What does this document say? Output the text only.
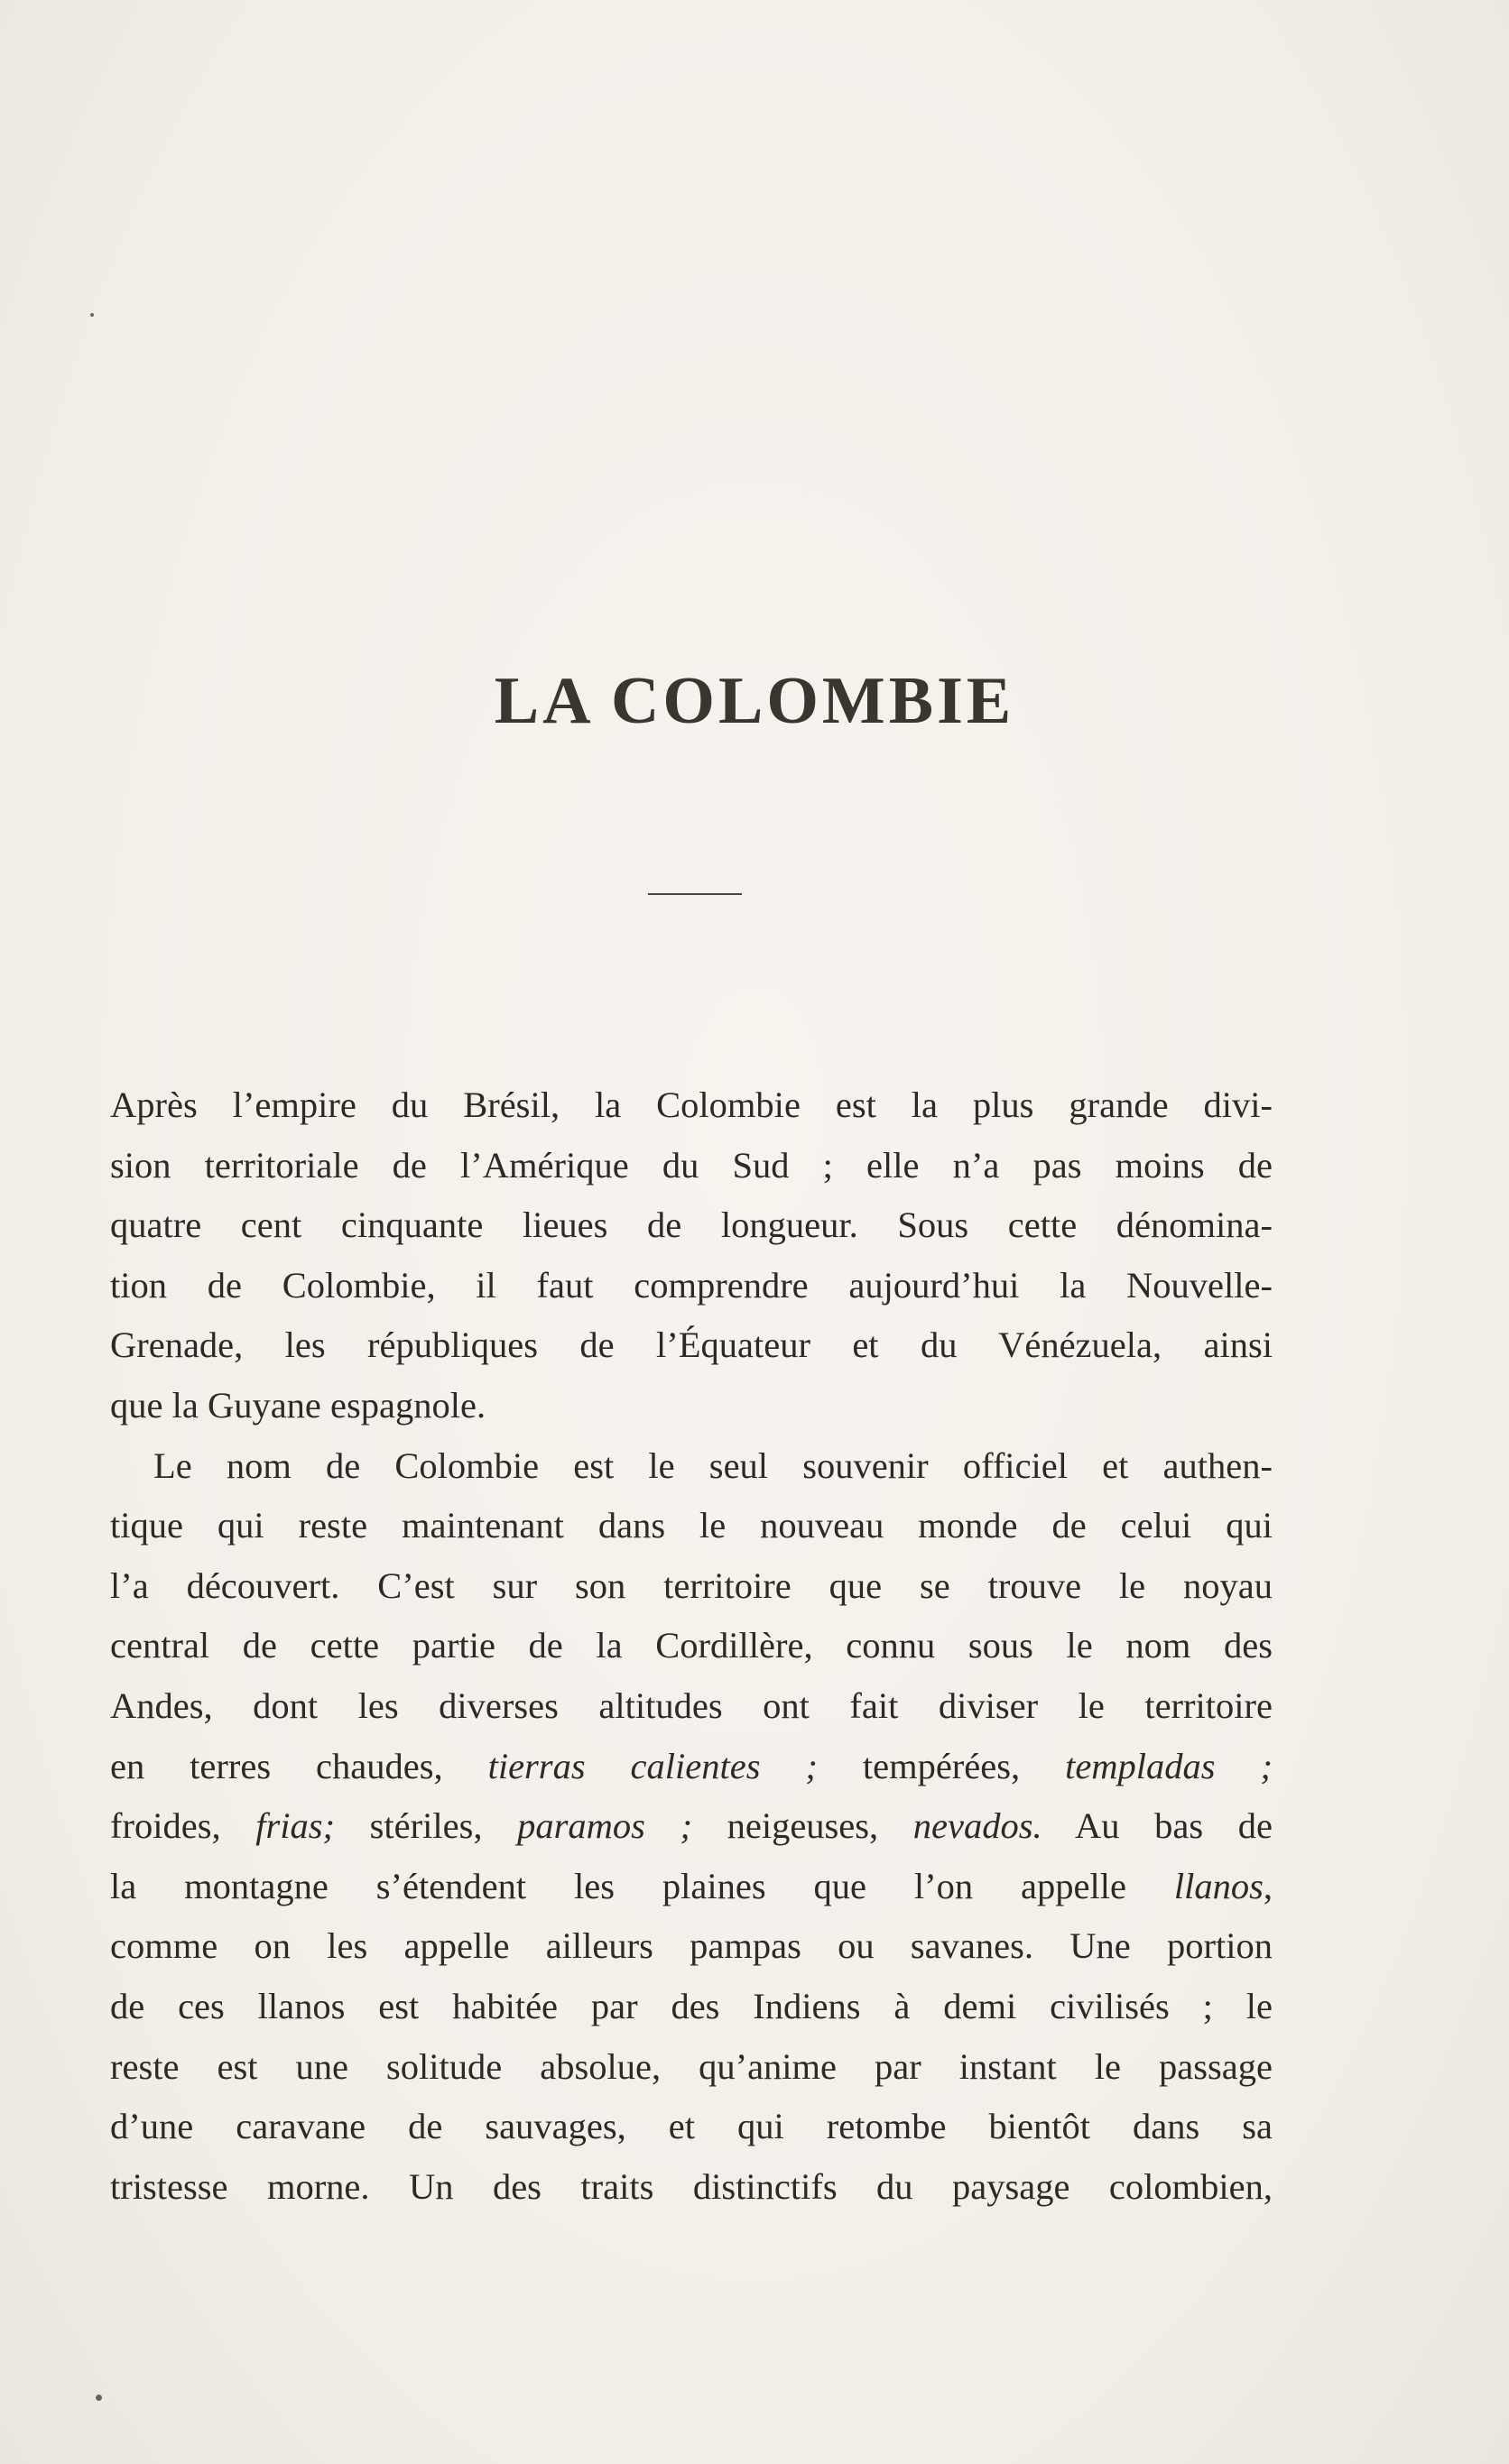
LA COLOMBIE
Après l’empire du Brésil, la Colombie est la plus grande divi-
sion territoriale de l’Amérique du Sud ; elle n’a pas moins de
quatre cent cinquante lieues de longueur. Sous cette dénomina-
tion de Colombie, il faut comprendre aujourd’hui la Nouvelle-
Grenade, les républiques de l’Équateur et du Vénézuela, ainsi
que la Guyane espagnole.
Le nom de Colombie est le seul souvenir officiel et authen-
tique qui reste maintenant dans le nouveau monde de celui qui
l’a découvert. C’est sur son territoire que se trouve le noyau
central de cette partie de la Cordillère, connu sous le nom des
Andes, dont les diverses altitudes ont fait diviser le territoire
en terres chaudes, tierras calientes ; tempérées, templadas ;
froides, frias; stériles, paramos ; neigeuses, nevados. Au bas de
la montagne s’étendent les plaines que l’on appelle llanos,
comme on les appelle ailleurs pampas ou savanes. Une portion
de ces llanos est habitée par des Indiens à demi civilisés ; le
reste est une solitude absolue, qu’anime par instant le passage
d’une caravane de sauvages, et qui retombe bientôt dans sa
tristesse morne. Un des traits distinctifs du paysage colombien,
